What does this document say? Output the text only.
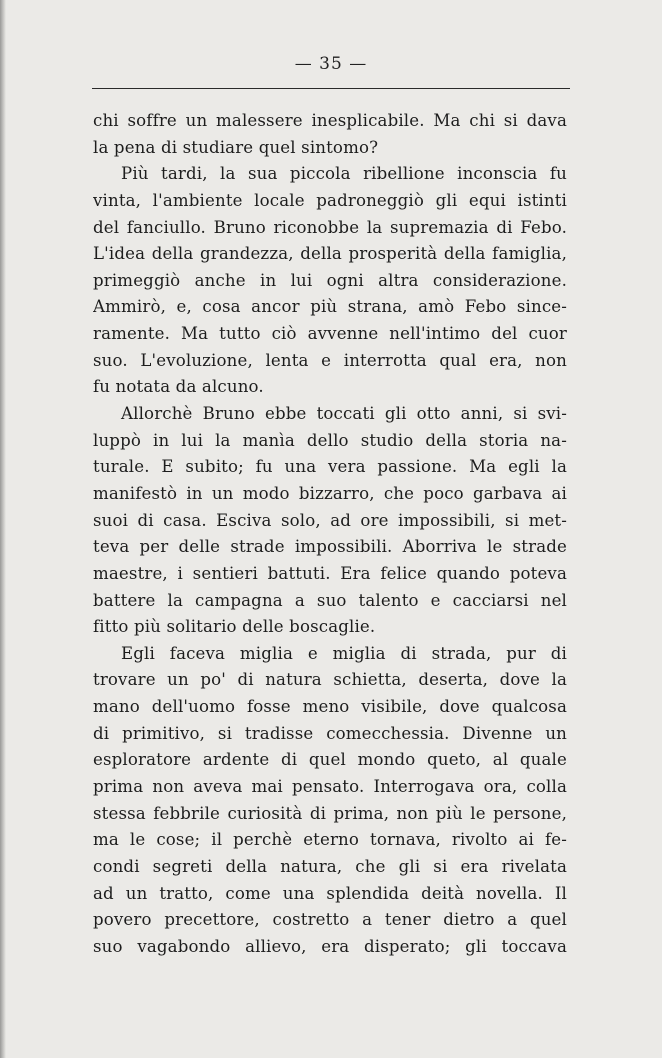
— 35 —
chi soffre un malessere inesplicabile. Ma chi si dava
la pena di studiare quel sintomo?
Più tardi, la sua piccola ribellione inconscia fu
vinta, l'ambiente locale padroneggiò gli equi istinti
del fanciullo. Bruno riconobbe la supremazia di Febo.
L'idea della grandezza, della prosperità della famiglia,
primeggiò anche in lui ogni altra considerazione.
Ammirò, e, cosa ancor più strana, amò Febo since-
ramente. Ma tutto ciò avvenne nell'intimo del cuor
suo. L'evoluzione, lenta e interrotta qual era, non
fu notata da alcuno.
Allorchè Bruno ebbe toccati gli otto anni, si svi-
luppò in lui la manìa dello studio della storia na-
turale. E subito; fu una vera passione. Ma egli la
manifestò in un modo bizzarro, che poco garbava ai
suoi di casa. Esciva solo, ad ore impossibili, si met-
teva per delle strade impossibili. Aborriva le strade
maestre, i sentieri battuti. Era felice quando poteva
battere la campagna a suo talento e cacciarsi nel
fitto più solitario delle boscaglie.
Egli faceva miglia e miglia di strada, pur di
trovare un po' di natura schietta, deserta, dove la
mano dell'uomo fosse meno visibile, dove qualcosa
di primitivo, si tradisse comecchessia. Divenne un
esploratore ardente di quel mondo queto, al quale
prima non aveva mai pensato. Interrogava ora, colla
stessa febbrile curiosità di prima, non più le persone,
ma le cose; il perchè eterno tornava, rivolto ai fe-
condi segreti della natura, che gli si era rivelata
ad un tratto, come una splendida deità novella. Il
povero precettore, costretto a tener dietro a quel
suo vagabondo allievo, era disperato; gli toccava
